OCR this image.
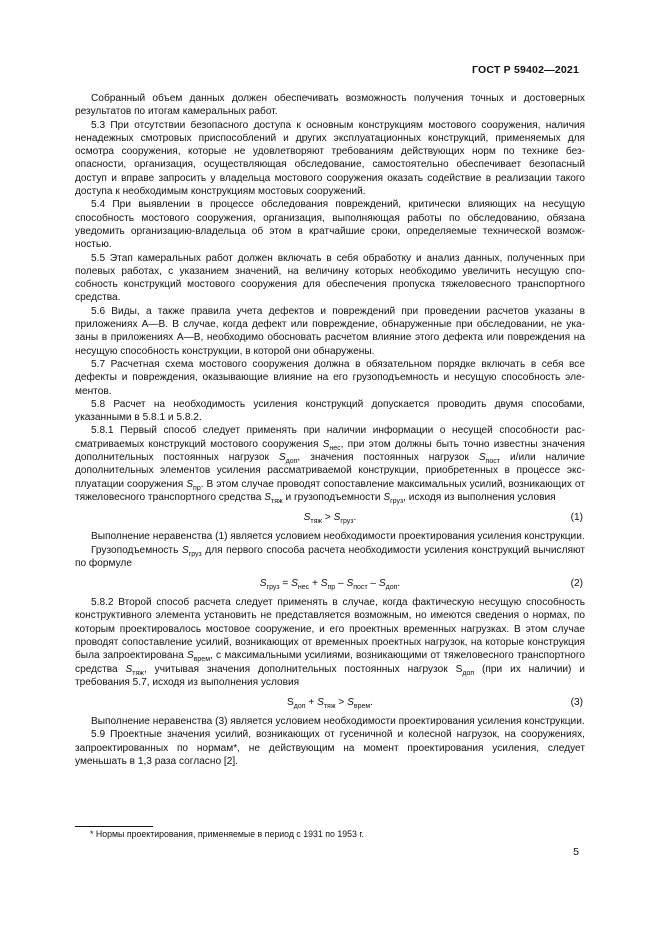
ГОСТ Р 59402—2021

Собранный объем данных должен обеспечивать возможность получения точных и достоверных результатов по итогам камеральных работ.

5.3 При отсутствии безопасного доступа к основным конструкциям мостового сооружения, наличия ненадежных смотровых приспособлений и других эксплуатационных конструкций, применяемых для осмотра сооружения, которые не удовлетворяют требованиям действующих норм по технике безопасности, организация, осуществляющая обследование, самостоятельно обеспечивает безопасный доступ и вправе запросить у владельца мостового сооружения оказать содействие в реализации такого доступа к необходимым конструкциям мостовых сооружений.

5.4 При выявлении в процессе обследования повреждений, критически влияющих на несущую способность мостового сооружения, организация, выполняющая работы по обследованию, обязана уведомить организацию-владельца об этом в кратчайшие сроки, определяемые технической возможностью.

5.5 Этап камеральных работ должен включать в себя обработку и анализ данных, полученных при полевых работах, с указанием значений, на величину которых необходимо увеличить несущую способность конструкций мостового сооружения для обеспечения пропуска тяжеловесного транспортного средства.

5.6 Виды, а также правила учета дефектов и повреждений при проведении расчетов указаны в приложениях А—В. В случае, когда дефект или повреждение, обнаруженные при обследовании, не указаны в приложениях А—В, необходимо обосновать расчетом влияние этого дефекта или повреждения на несущую способность конструкции, в которой они обнаружены.

5.7 Расчетная схема мостового сооружения должна в обязательном порядке включать в себя все дефекты и повреждения, оказывающие влияние на его грузоподъемность и несущую способность элементов.

5.8 Расчет на необходимость усиления конструкций допускается проводить двумя способами, указанными в 5.8.1 и 5.8.2.

5.8.1 Первый способ следует применять при наличии информации о несущей способности рассматриваемых конструкций мостового сооружения $S_{нес}$, при этом должны быть точно известны значения дополнительных постоянных нагрузок $S_{доп}$, значения постоянных нагрузок $S_{пост}$ и/или наличие дополнительных элементов усиления рассматриваемой конструкции, приобретенных в процессе эксплуатации сооружения $S_{пр}$. В этом случае проводят сопоставление максимальных усилий, возникающих от тяжеловесного транспортного средства $S_{тяж}$ и грузоподъемности $S_{груз}$, исходя из выполнения условия

$S_{тяж} > S_{груз}$.	(1)

Выполнение неравенства (1) является условием необходимости проектирования усиления конструкции.

Грузоподъемность $S_{груз}$ для первого способа расчета необходимости усиления конструкций вычисляют по формуле

$S_{груз} = S_{нес} + S_{пр} - S_{пост} - S_{доп}$.	(2)

5.8.2 Второй способ расчета следует применять в случае, когда фактическую несущую способность конструктивного элемента установить не представляется возможным, но имеются сведения о нормах, по которым проектировалось мостовое сооружение, и его проектных временных нагрузках. В этом случае проводят сопоставление усилий, возникающих от временных проектных нагрузок, на которые конструкция была запроектирована $S_{врем}$, с максимальными усилиями, возникающими от тяжеловесного транспортного средства $S_{тяж}$, учитывая значения дополнительных постоянных нагрузок $S_{доп}$ (при их наличии) и требования 5.7, исходя из выполнения условия

$S_{доп} + S_{тяж} > S_{врем}$.	(3)

Выполнение неравенства (3) является условием необходимости проектирования усиления конструкции.

5.9 Проектные значения усилий, возникающих от гусеничной и колесной нагрузок, на сооружениях, запроектированных по нормам*, не действующим на момент проектирования усиления, следует уменьшать в 1,3 раза согласно [2].

* Нормы проектирования, применяемые в период с 1931 по 1953 г.
5
